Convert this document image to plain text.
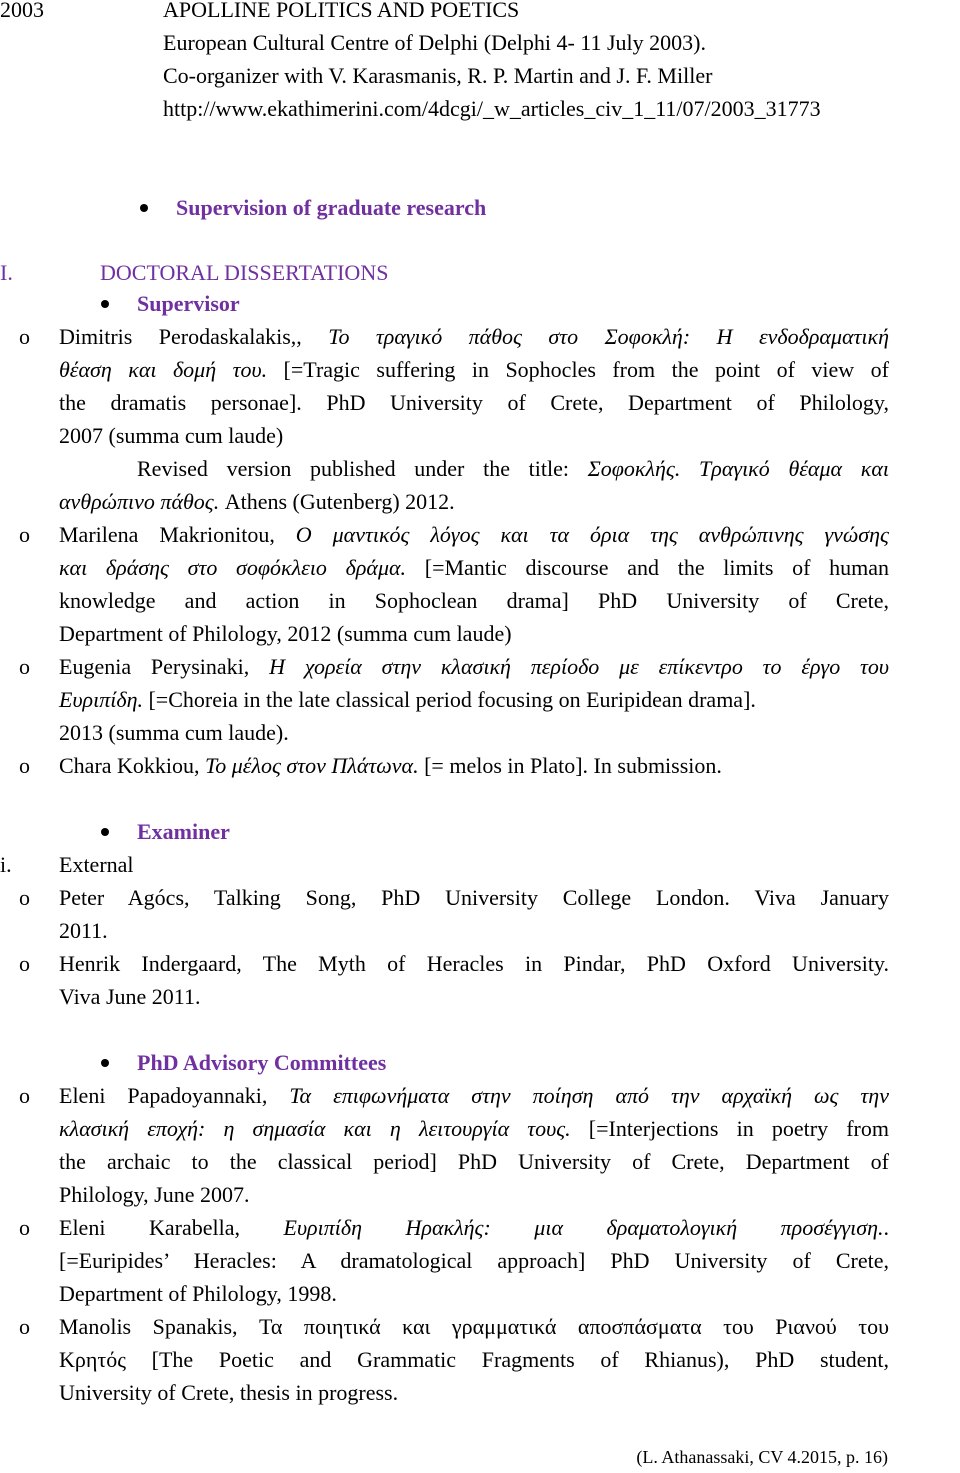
2003	APOLLINE POLITICS AND POETICS
European Cultural Centre of Delphi (Delphi 4- 11 July 2003).
Co-organizer with V. Karasmanis, R. P. Martin and J. F. Miller
http://www.ekathimerini.com/4dcgi/_w_articles_civ_1_11/07/2003_31773
Supervision of graduate research
I.	DOCTORAL DISSERTATIONS
Supervisor
o Dimitris Perodaskalakis,, Το τραγικό πάθος στο Σοφοκλή: Η ενδοδραματική
θέαση και δομή του. [=Tragic suffering in Sophocles from the point of view of
the dramatis personae]. PhD University of Crete, Department of Philology,
2007 (summa cum laude)
Revised version published under the title: Σοφοκλής. Τραγικό θέαμα και
ανθρώπινο πάθος. Athens (Gutenberg) 2012.
o Marilena Makrionitou, Ο μαντικός λόγος και τα όρια της ανθρώπινης γνώσης
και δράσης στο σοφόκλειο δράμα. [=Mantic discourse and the limits of human
knowledge and action in Sophoclean drama] PhD University of Crete,
Department of Philology, 2012 (summa cum laude)
o Eugenia Perysinaki, Η χορεία στην κλασική περίοδο με επίκεντρο το έργο του
Ευριπίδη. [=Choreia in the late classical period focusing on Euripidean drama].
2013 (summa cum laude).
o Chara Kokkiou, Το μέλος στον Πλάτωνα. [= melos in Plato]. In submission.
Examiner
i. External
o Peter Agócs, Talking Song, PhD University College London. Viva January
2011.
o Henrik Indergaard, The Myth of Heracles in Pindar, PhD Oxford University.
Viva June 2011.
PhD Advisory Committees
o Eleni Papadoyannaki, Τα επιφωνήματα στην ποίηση από την αρχαϊκή ως την
κλασική εποχή: η σημασία και η λειτουργία τους. [=Interjections in poetry from
the archaic to the classical period] PhD University of Crete, Department of
Philology, June 2007.
o Eleni Karabella, Ευριπίδη Ηρακλής: μια δραματολογική προσέγγιση..
[=Euripides’ Heracles: A dramatological approach] PhD University of Crete,
Department of Philology, 1998.
o Manolis Spanakis, Τα ποιητικά και γραμματικά αποσπάσματα του Ριανού του
Κρητός [The Poetic and Grammatic Fragments of Rhianus), PhD student,
University of Crete, thesis in progress.
(L. Athanassaki, CV 4.2015, p. 16)
